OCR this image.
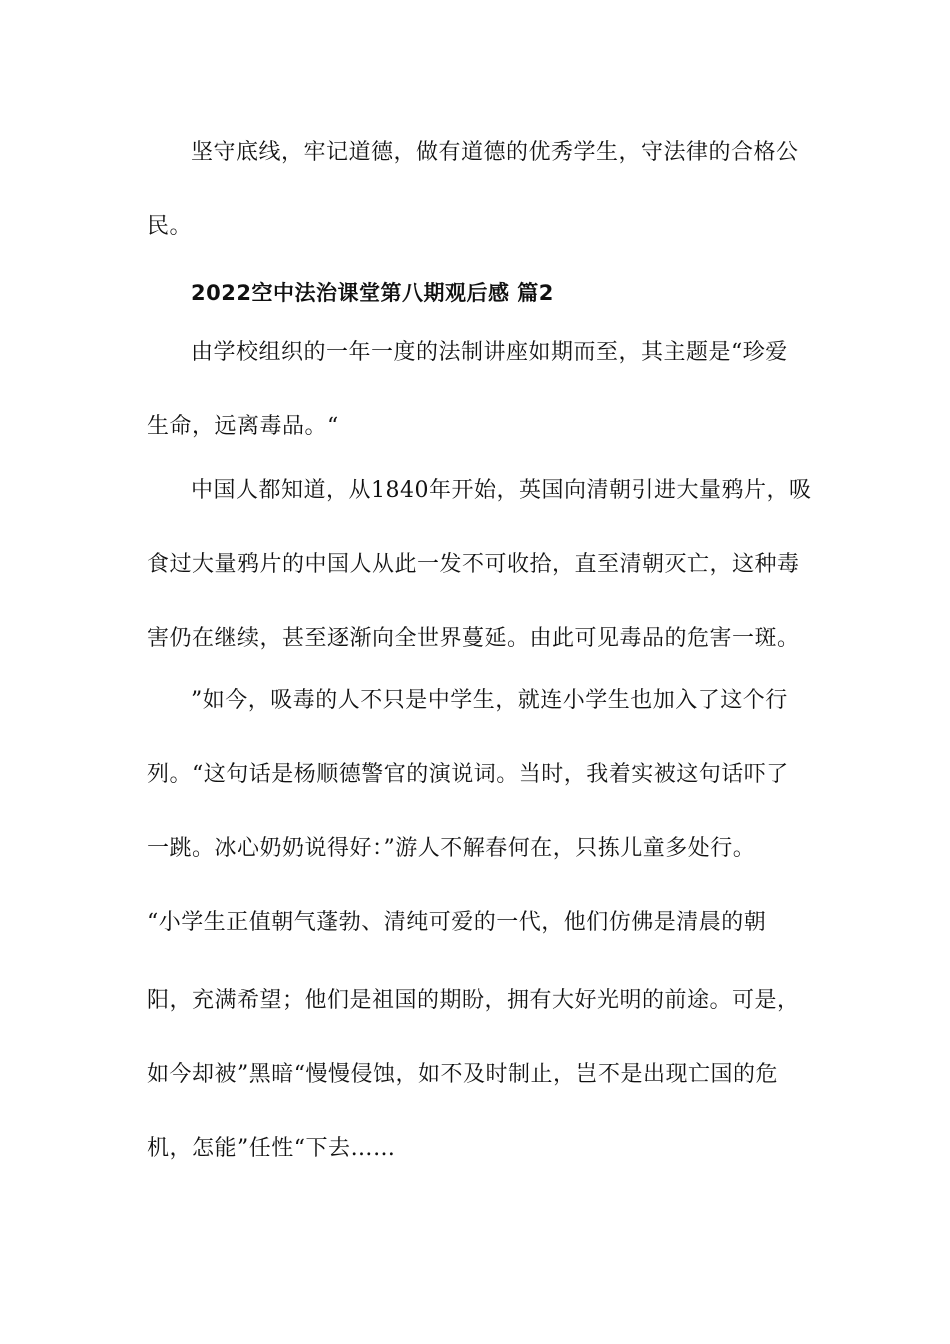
坚守底线，牢记道德，做有道德的优秀学生，守法律的合格公
民。
2022空中法治课堂第八期观后感 篇2
由学校组织的一年一度的法制讲座如期而至，其主题是“珍爱
生命，远离毒品。“
中国人都知道，从1840年开始，英国向清朝引进大量鸦片，吸
食过大量鸦片的中国人从此一发不可收拾，直至清朝灭亡，这种毒
害仍在继续，甚至逐渐向全世界蔓延。由此可见毒品的危害一斑。
”如今，吸毒的人不只是中学生，就连小学生也加入了这个行
列。“这句话是杨顺德警官的演说词。当时，我着实被这句话吓了
一跳。冰心奶奶说得好：”游人不解春何在，只拣儿童多处行。
“小学生正值朝气蓬勃、清纯可爱的一代，他们仿佛是清晨的朝
阳，充满希望；他们是祖国的期盼，拥有大好光明的前途。可是，
如今却被”黑暗“慢慢侵蚀，如不及时制止，岂不是出现亡国的危
机，怎能”任性“下去……
